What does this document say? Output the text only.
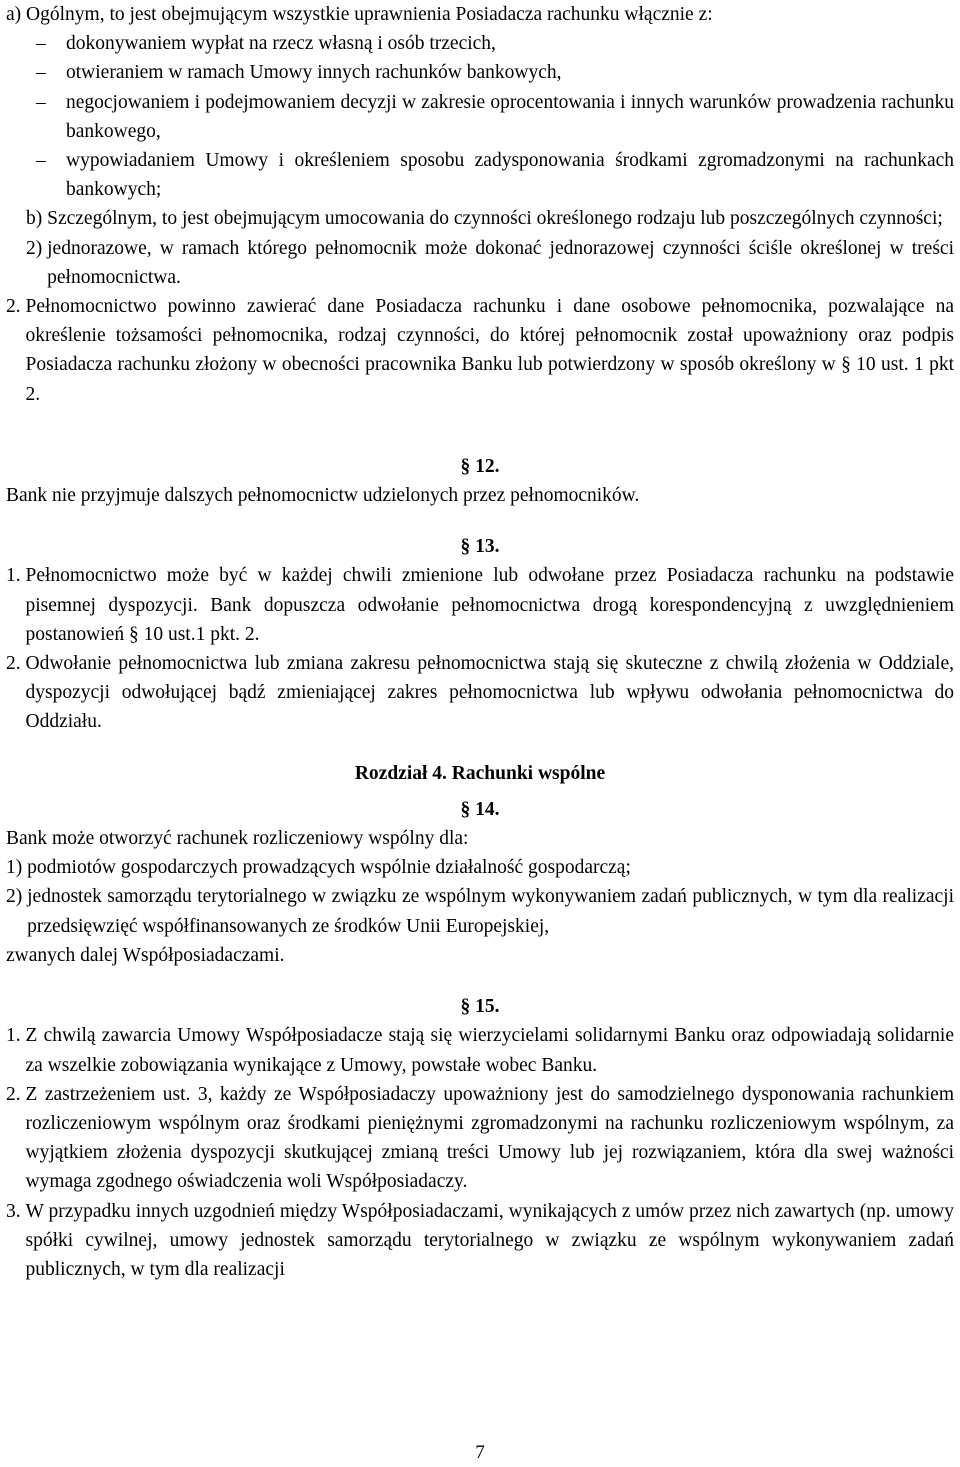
a) Ogólnym, to jest obejmującym wszystkie uprawnienia Posiadacza rachunku włącznie z:
–	dokonywaniem wypłat na rzecz własną i osób trzecich,
–	otwieraniem w ramach Umowy innych rachunków bankowych,
–	negocjowaniem i podejmowaniem decyzji w zakresie oprocentowania i innych warunków prowadzenia rachunku bankowego,
–	wypowiadaniem Umowy i określeniem sposobu zadysponowania środkami zgromadzonymi na rachunkach bankowych;
b) Szczególnym, to jest obejmującym umocowania do czynności określonego rodzaju lub poszczególnych czynności;
2) jednorazowe, w ramach którego pełnomocnik może dokonać jednorazowej czynności ściśle określonej w treści pełnomocnictwa.
2. Pełnomocnictwo powinno zawierać dane Posiadacza rachunku i dane osobowe pełnomocnika, pozwalające na określenie tożsamości pełnomocnika, rodzaj czynności, do której pełnomocnik został upoważniony oraz podpis Posiadacza rachunku złożony w obecności pracownika Banku lub potwierdzony w sposób określony w § 10 ust. 1 pkt 2.

§ 12.

Bank nie przyjmuje dalszych pełnomocnictw udzielonych przez pełnomocników.

§ 13.

1. Pełnomocnictwo może być w każdej chwili zmienione lub odwołane przez Posiadacza rachunku na podstawie pisemnej dyspozycji. Bank dopuszcza odwołanie pełnomocnictwa drogą korespondencyjną z uwzględnieniem postanowień § 10 ust.1 pkt. 2.
2. Odwołanie pełnomocnictwa lub zmiana zakresu pełnomocnictwa stają się skuteczne z chwilą złożenia w Oddziale, dyspozycji odwołującej bądź zmieniającej zakres pełnomocnictwa lub wpływu odwołania pełnomocnictwa do Oddziału.

Rozdział 4. Rachunki wspólne

§ 14.

Bank może otworzyć rachunek rozliczeniowy wspólny dla:

1) podmiotów gospodarczych prowadzących wspólnie działalność gospodarczą;
2) jednostek samorządu terytorialnego w związku ze wspólnym wykonywaniem zadań publicznych, w tym dla realizacji przedsięwzięć współfinansowanych ze środków Unii Europejskiej,

zwanych dalej Współposiadaczami.

§ 15.

1. Z chwilą zawarcia Umowy Współposiadacze stają się wierzycielami solidarnymi Banku oraz odpowiadają solidarnie za wszelkie zobowiązania wynikające z Umowy, powstałe wobec Banku.
2. Z zastrzeżeniem ust. 3, każdy ze Współposiadaczy upoważniony jest do samodzielnego dysponowania rachunkiem rozliczeniowym wspólnym oraz środkami pieniężnymi zgromadzonymi na rachunku rozliczeniowym wspólnym, za wyjątkiem złożenia dyspozycji skutkującej zmianą treści Umowy lub jej rozwiązaniem, która dla swej ważności wymaga zgodnego oświadczenia woli Współposiadaczy.
3. W przypadku innych uzgodnień między Współposiadaczami, wynikających z umów przez nich zawartych (np. umowy spółki cywilnej, umowy jednostek samorządu terytorialnego w związku ze wspólnym wykonywaniem zadań publicznych, w tym dla realizacji
7
